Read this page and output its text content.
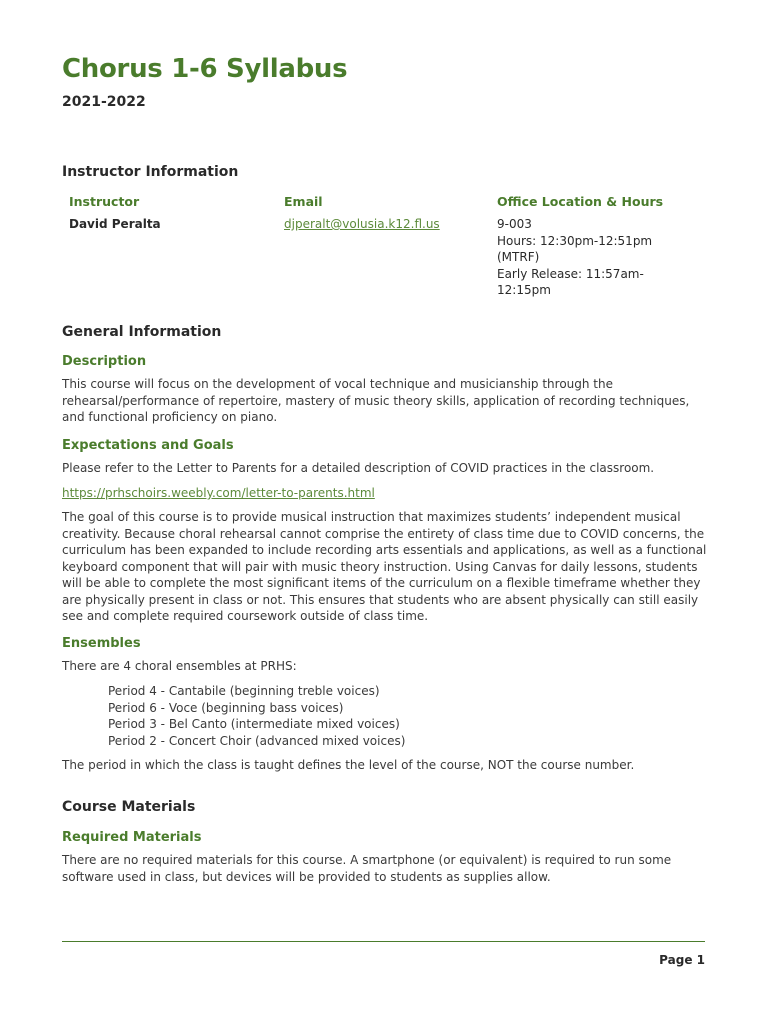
Chorus 1-6 Syllabus
2021-2022
Instructor Information
Instructor	Email	Office Location & Hours
David Peralta	djperalt@volusia.k12.fl.us	9-003
Hours: 12:30pm-12:51pm
(MTRF)
Early Release: 11:57am-
12:15pm
General Information
Description
This course will focus on the development of vocal technique and musicianship through the rehearsal/performance of repertoire, mastery of music theory skills, application of recording techniques, and functional proficiency on piano.
Expectations and Goals
Please refer to the Letter to Parents for a detailed description of COVID practices in the classroom.
https://prhschoirs.weebly.com/letter-to-parents.html
The goal of this course is to provide musical instruction that maximizes students’ independent musical creativity. Because choral rehearsal cannot comprise the entirety of class time due to COVID concerns, the curriculum has been expanded to include recording arts essentials and applications, as well as a functional keyboard component that will pair with music theory instruction. Using Canvas for daily lessons, students will be able to complete the most significant items of the curriculum on a flexible timeframe whether they are physically present in class or not. This ensures that students who are absent physically can still easily see and complete required coursework outside of class time.
Ensembles
There are 4 choral ensembles at PRHS:
Period 4 - Cantabile (beginning treble voices)
Period 6 - Voce (beginning bass voices)
Period 3 - Bel Canto (intermediate mixed voices)
Period 2 - Concert Choir (advanced mixed voices)
The period in which the class is taught defines the level of the course, NOT the course number.
Course Materials
Required Materials
There are no required materials for this course. A smartphone (or equivalent) is required to run some software used in class, but devices will be provided to students as supplies allow.
Page 1
